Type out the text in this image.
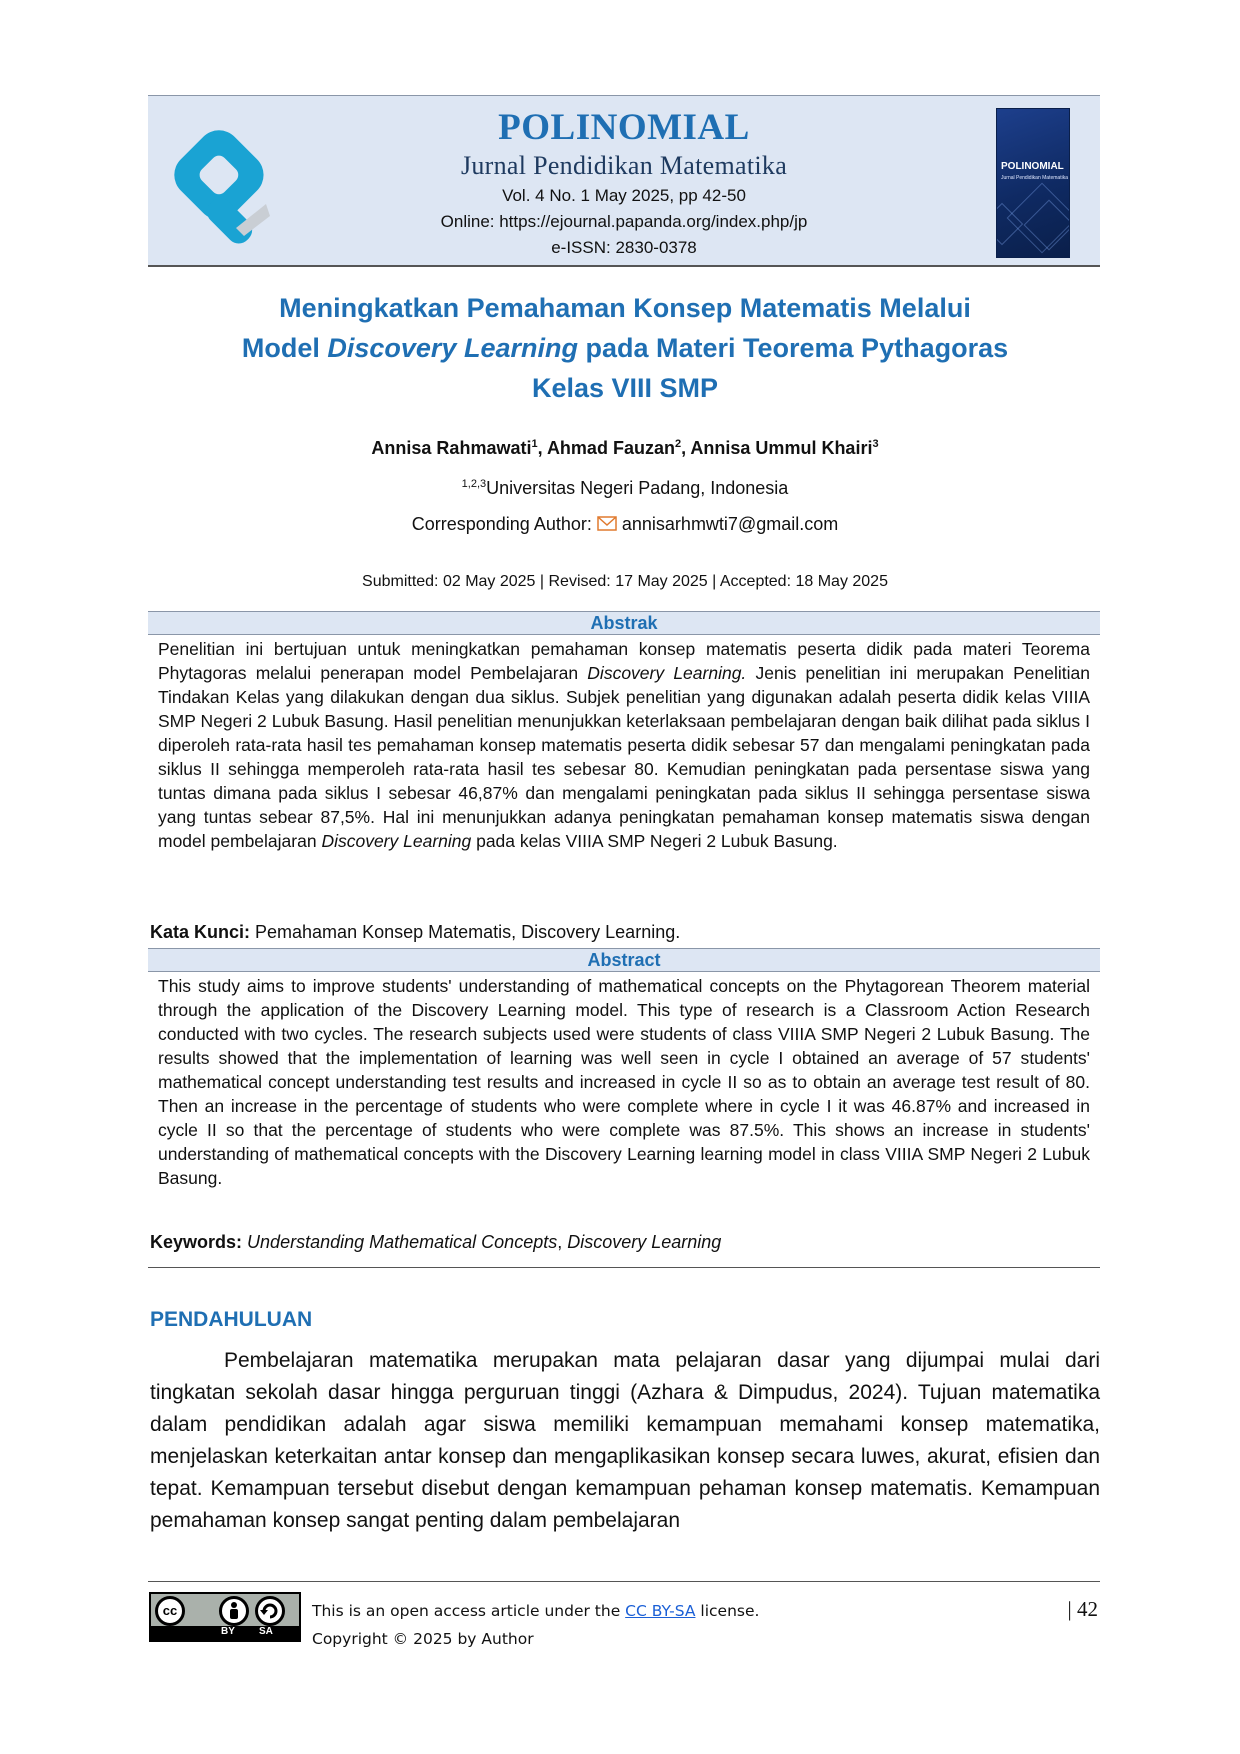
POLINOMIAL
Jurnal Pendidikan Matematika
Vol. 4 No. 1 May 2025, pp 42-50
Online: https://ejournal.papanda.org/index.php/jp
e-ISSN: 2830-0378
POLINOMIAL
Jurnal Pendidikan Matematika
Meningkatkan Pemahaman Konsep Matematis Melalui
Model Discovery Learning pada Materi Teorema Pythagoras
Kelas VIII SMP
Annisa Rahmawati$^1$, Ahmad Fauzan$^2$, Annisa Ummul Khairi$^3$
$^{1,2,3}$Universitas Negeri Padang, Indonesia
Corresponding Author:  annisarhmwti7@gmail.com
Submitted: 02 May 2025 | Revised: 17 May 2025 | Accepted: 18 May 2025
Abstrak
Penelitian ini bertujuan untuk meningkatkan pemahaman konsep matematis peserta didik pada materi Teorema Phytagoras melalui penerapan model Pembelajaran Discovery Learning. Jenis penelitian ini merupakan Penelitian Tindakan Kelas yang dilakukan dengan dua siklus. Subjek penelitian yang digunakan adalah peserta didik kelas VIIIA SMP Negeri 2 Lubuk Basung. Hasil penelitian menunjukkan keterlaksaan pembelajaran dengan baik dilihat pada siklus I diperoleh rata-rata hasil tes pemahaman konsep matematis peserta didik sebesar 57 dan mengalami peningkatan pada siklus II sehingga memperoleh rata-rata hasil tes sebesar 80. Kemudian peningkatan pada persentase siswa yang tuntas dimana pada siklus I sebesar 46,87% dan mengalami peningkatan pada siklus II sehingga persentase siswa yang tuntas sebear 87,5%. Hal ini menunjukkan adanya peningkatan pemahaman konsep matematis siswa dengan model pembelajaran Discovery Learning pada kelas VIIIA SMP Negeri 2 Lubuk Basung.
Kata Kunci: Pemahaman Konsep Matematis, Discovery Learning.
Abstract
This study aims to improve students' understanding of mathematical concepts on the Phytagorean Theorem material through the application of the Discovery Learning model. This type of research is a Classroom Action Research conducted with two cycles. The research subjects used were students of class VIIIA SMP Negeri 2 Lubuk Basung. The results showed that the implementation of learning was well seen in cycle I obtained an average of 57 students' mathematical concept understanding test results and increased in cycle II so as to obtain an average test result of 80. Then an increase in the percentage of students who were complete where in cycle I it was 46.87% and increased in cycle II so that the percentage of students who were complete was 87.5%. This shows an increase in students' understanding of mathematical concepts with the Discovery Learning learning model in class VIIIA SMP Negeri 2 Lubuk Basung.
Keywords: Understanding Mathematical Concepts, Discovery Learning
PENDAHULUAN
Pembelajaran matematika merupakan mata pelajaran dasar yang dijumpai mulai dari tingkatan sekolah dasar hingga perguruan tinggi (Azhara & Dimpudus, 2024). Tujuan matematika dalam pendidikan adalah agar siswa memiliki kemampuan memahami konsep matematika, menjelaskan keterkaitan antar konsep dan mengaplikasikan konsep secara luwes, akurat, efisien dan tepat. Kemampuan tersebut disebut dengan kemampuan pehaman konsep matematis. Kemampuan pemahaman konsep sangat penting dalam pembelajaran
cc
BY SA
This is an open access article under the CC BY-SA license.
Copyright © 2025 by Author
| 42
